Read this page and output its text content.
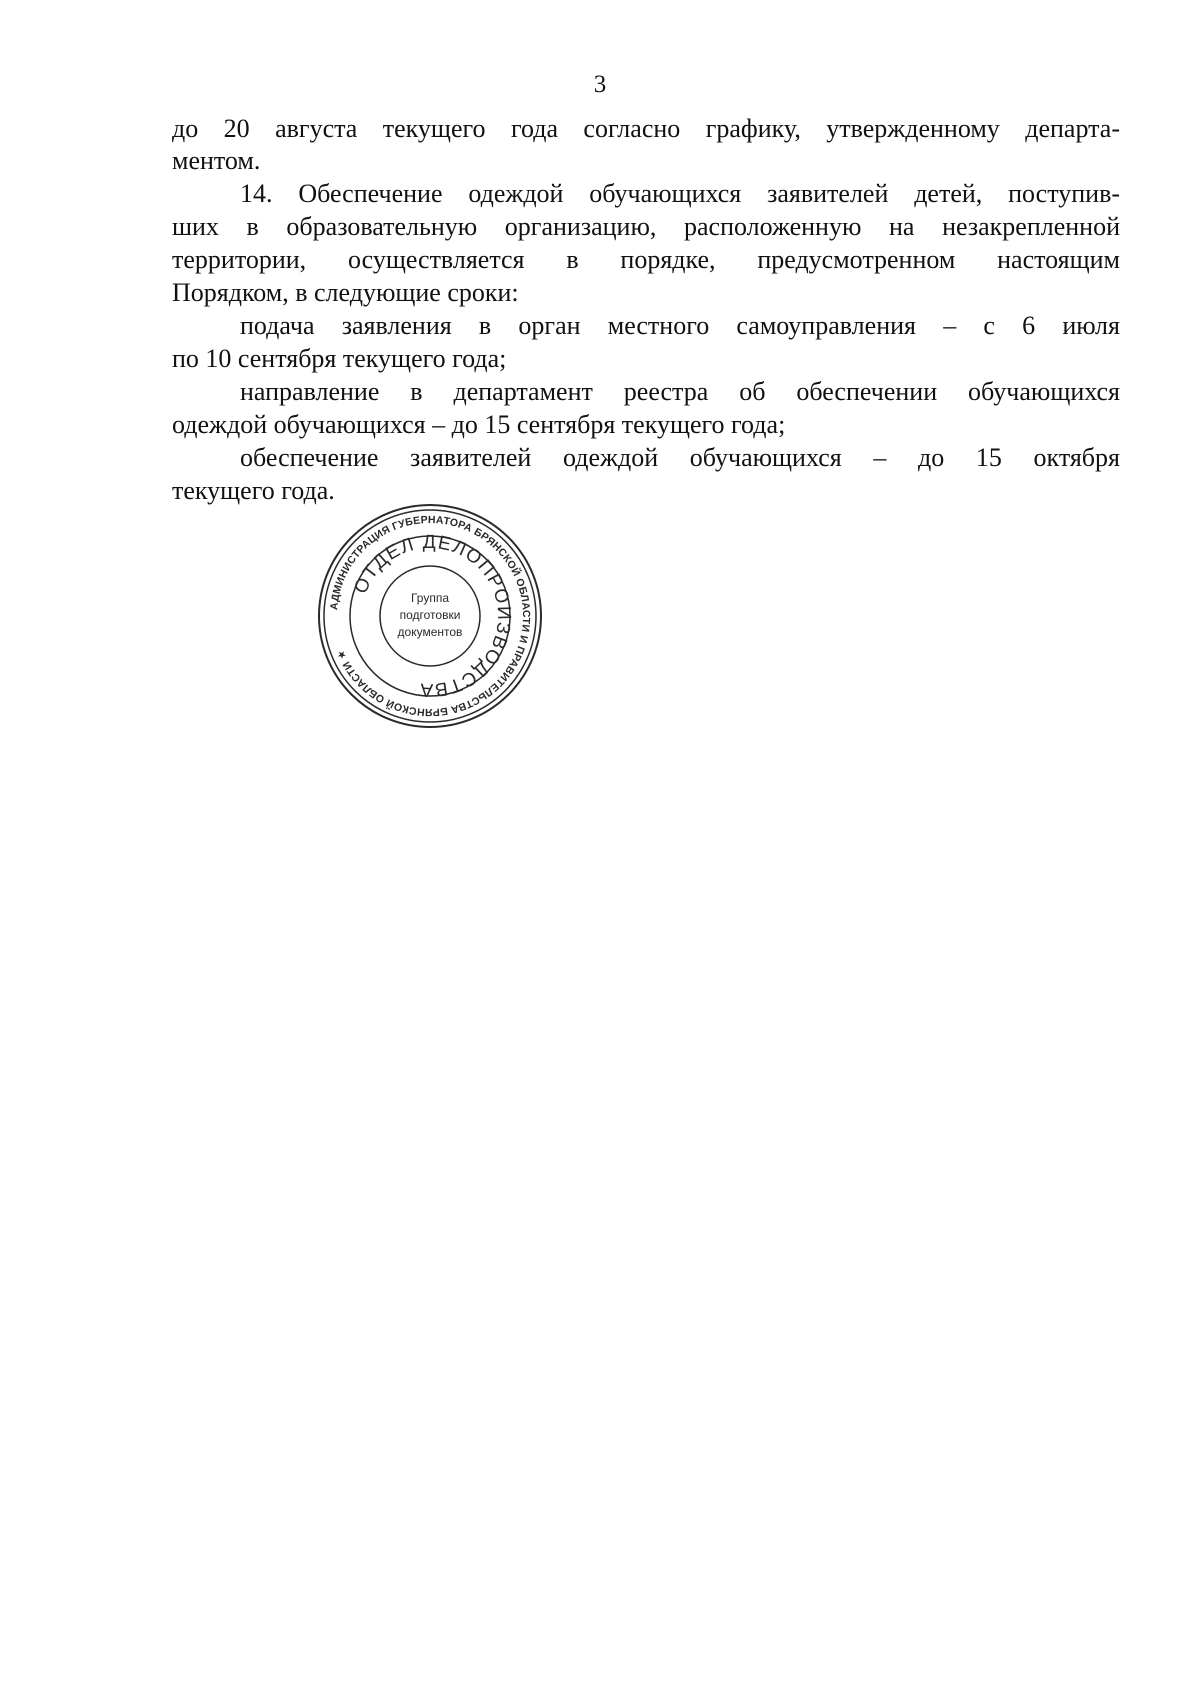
3
до 20 августа текущего года согласно графику, утвержденному департа-
ментом.
14. Обеспечение одеждой обучающихся заявителей детей, поступив-
ших в образовательную организацию, расположенную на незакрепленной
территории, осуществляется в порядке, предусмотренном настоящим
Порядком, в следующие сроки:
подача заявления в орган местного самоуправления – с 6 июля
по 10 сентября текущего года;
направление в департамент реестра об обеспечении обучающихся
одеждой обучающихся – до 15 сентября текущего года;
обеспечение заявителей одеждой обучающихся – до 15 октября
текущего года.
АДМИНИСТРАЦИЯ ГУБЕРНАТОРА БРЯНСКОЙ ОБЛАСТИ И ПРАВИТЕЛЬСТВА БРЯНСКОЙ ОБЛАСТИ ★
ОТДЕЛ ДЕЛОПРОИЗВОДСТВА
Группа
подготовки
документов
